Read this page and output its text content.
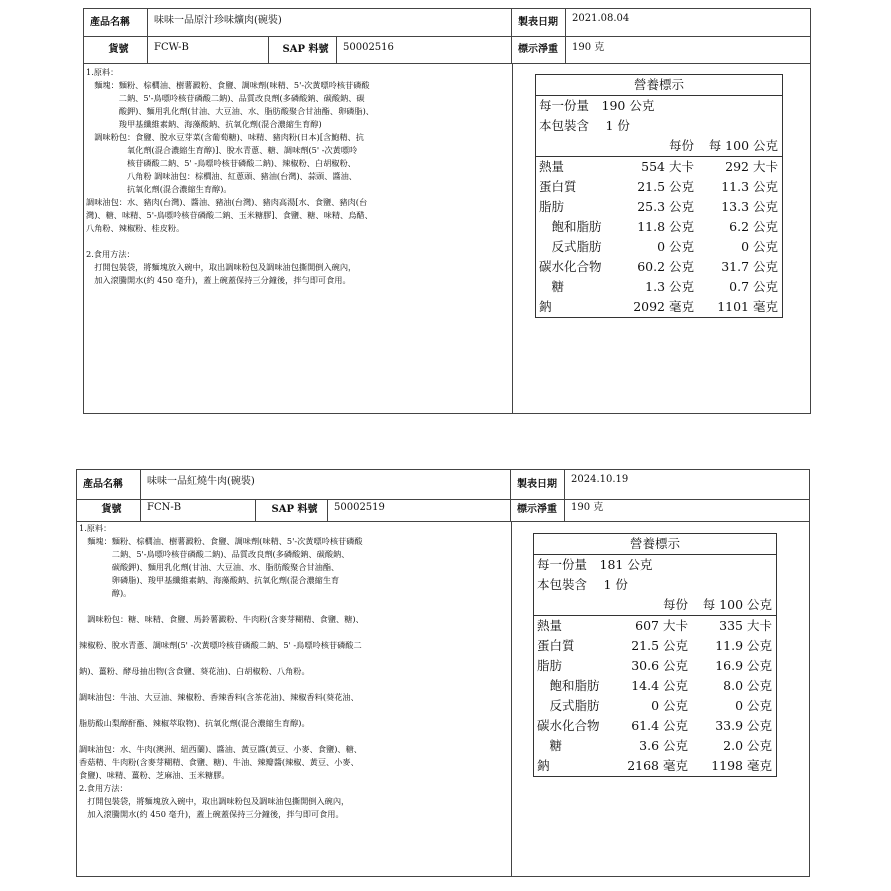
產品名稱	味味一品原汁珍味爌肉(碗裝)	製表日期	2021.08.04
貨號	FCW-B	SAP 料號	50002516	標示淨重	190 克

1.原料：

　麵塊：麵粉、棕櫚油、樹薯澱粉、食鹽、調味劑(味精、5'-次黃嘌呤核苷磷酸

　　　　二鈉、5'-鳥嘌呤核苷磷酸二鈉)、品質改良劑(多磷酸鈉、碳酸鈉、碳

　　　　酸鉀)、麵用乳化劑(甘油、大豆油、水、脂肪酸聚合甘油酯、卵磷脂)、

　　　　羧甲基纖維素鈉、海藻酸鈉、抗氧化劑(混合濃縮生育醇)

　調味粉包：食鹽、脫水豆芽菜(含葡萄糖)、味精、豬肉粉(日本)[含鮑精、抗

　　　　　氧化劑(混合濃縮生育醇)]、脫水青蔥、糖、調味劑(5' -次黃嘌呤

　　　　　核苷磷酸二鈉、5' -鳥嘌呤核苷磷酸二鈉)、辣椒粉、白胡椒粉、

　　　　　八角粉 調味油包：棕櫚油、紅蔥頭、豬油(台灣)、蒜頭、醬油、

　　　　　抗氧化劑(混合濃縮生育醇)。

調味油包：水、豬肉(台灣)、醬油、豬油(台灣)、豬肉高湯[水、食鹽、豬肉(台

灣)、糖、味精、5'-鳥嘌呤核苷磷酸二鈉、玉米糖膠]、食鹽、糖、味精、烏醋、

八角粉、辣椒粉、桂皮粉。

2.食用方法：

　打開包裝袋，將麵塊放入碗中，取出調味粉包及調味油包撕開倒入碗內，

　加入滾騰開水(約 450 毫升)，蓋上碗蓋保持三分鐘後，拌勻即可食用。

營養標示
每一份量　190 公克
本包裝含　 1 份
每份 每 100 公克
熱量	554 大卡 292 大卡
蛋白質	21.5 公克 11.3 公克
脂肪	25.3 公克 13.3 公克
　飽和脂肪	11.8 公克	6.2 公克
　反式脂肪	0 公克	0 公克
碳水化合物	60.2 公克 31.7 公克
　糖	1.3 公克	0.7 公克
鈉	2092 毫克 1101 毫克
產品名稱	味味一品紅燒牛肉(碗裝)	製表日期	2024.10.19
貨號	FCN-B	SAP 料號	50002519	標示淨重	190 克

1.原料：

　麵塊：麵粉、棕櫚油、樹薯澱粉、食鹽、調味劑(味精、5'-次黃嘌呤核苷磷酸

　　　　二鈉、5'-鳥嘌呤核苷磷酸二鈉)、品質改良劑(多磷酸鈉、碳酸鈉、

　　　　碳酸鉀)、麵用乳化劑(甘油、大豆油、水、脂肪酸聚合甘油酯、

　　　　卵磷脂)、羧甲基纖維素鈉、海藻酸鈉、抗氧化劑(混合濃縮生育

　　　　醇)。

　調味粉包：糖、味精、食鹽、馬鈴薯澱粉、牛肉粉(含麥芽糊精、食鹽、糖)、

辣椒粉、脫水青蔥、調味劑(5' -次黃嘌呤核苷磷酸二鈉、5' -鳥嘌呤核苷磷酸二

鈉)、薑粉、酵母抽出物(含食鹽、葵花油)、白胡椒粉、八角粉。

調味油包：牛油、大豆油、辣椒粉、香辣香料(含茶花油)、辣椒香料(葵花油、

脂肪酸山梨醇酐酯、辣椒萃取物)、抗氧化劑(混合濃縮生育醇)。

調味油包：水、牛肉(澳洲、紐西蘭)、醬油、黃豆醬(黃豆、小麥、食鹽)、糖、

香菇精、牛肉粉(含麥芽糊精、食鹽、糖)、牛油、辣瓣醬(辣椒、黃豆、小麥、

食鹽)、味精、薑粉、芝麻油、玉米糖膠。

2.食用方法：

　打開包裝袋，將麵塊放入碗中，取出調味粉包及調味油包撕開倒入碗內，

　加入滾騰開水(約 450 毫升)，蓋上碗蓋保持三分鐘後，拌勻即可食用。

營養標示
每一份量　181 公克
本包裝含　 1 份
每份 每 100 公克
熱量	607 大卡 335 大卡
蛋白質	21.5 公克 11.9 公克
脂肪	30.6 公克 16.9 公克
　飽和脂肪	14.4 公克	8.0 公克
　反式脂肪	0 公克	0 公克
碳水化合物	61.4 公克 33.9 公克
　糖	3.6 公克	2.0 公克
鈉	2168 毫克 1198 毫克
